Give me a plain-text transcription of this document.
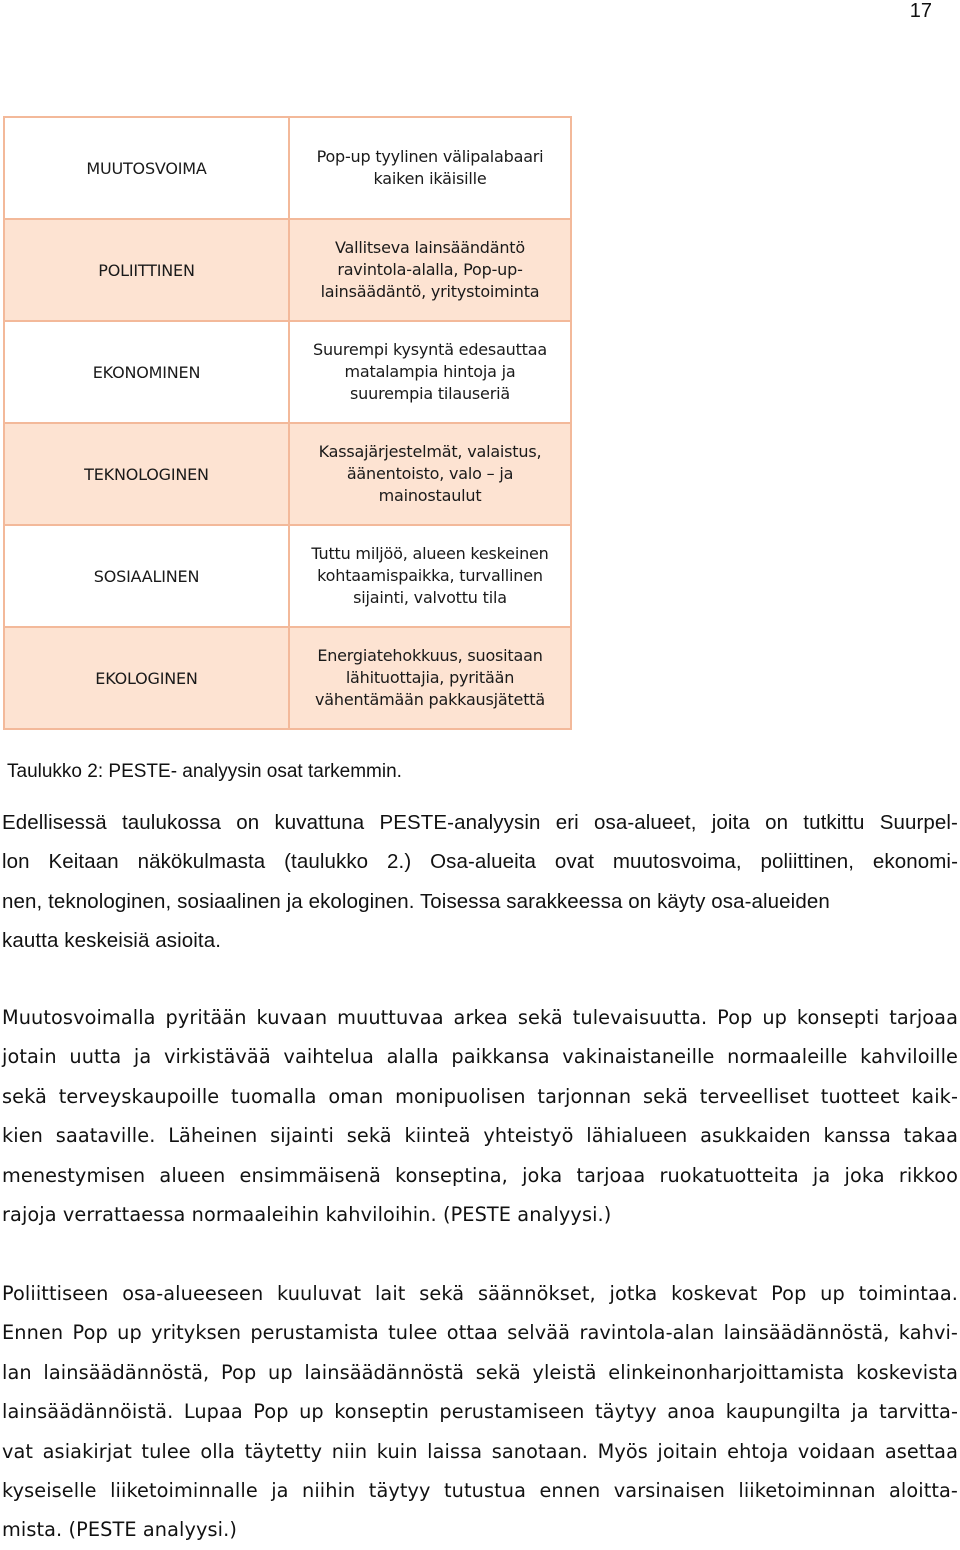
17
MUUTOSVOIMA	Pop-up tyylinen välipalabaari
kaiken ikäisille
POLIITTINEN	Vallitseva lainsäändäntö
ravintola-alalla, Pop-up-
lainsäädäntö, yritystoiminta
EKONOMINEN	Suurempi kysyntä edesauttaa
matalampia hintoja ja
suurempia tilauseriä
TEKNOLOGINEN	Kassajärjestelmät, valaistus,
äänentoisto, valo – ja
mainostaulut
SOSIAALINEN	Tuttu miljöö, alueen keskeinen
kohtaamispaikka, turvallinen
sijainti, valvottu tila
EKOLOGINEN	Energiatehokkuus, suositaan
lähituottajia, pyritään
vähentämään pakkausjätettä
Taulukko 2: PESTE- analyysin osat tarkemmin.
Edellisessä taulukossa on kuvattuna PESTE-analyysin eri osa-alueet, joita on tutkittu Suurpel-
lon Keitaan näkökulmasta (taulukko 2.) Osa-alueita ovat muutosvoima, poliittinen, ekonomi-
nen, teknologinen, sosiaalinen ja ekologinen. Toisessa sarakkeessa on käyty osa-alueiden
kautta keskeisiä asioita.
Muutosvoimalla pyritään kuvaan muuttuvaa arkea sekä tulevaisuutta. Pop up konsepti tarjoaa
jotain uutta ja virkistävää vaihtelua alalla paikkansa vakinaistaneille normaaleille kahviloille
sekä terveyskaupoille tuomalla oman monipuolisen tarjonnan sekä terveelliset tuotteet kaik-
kien saataville. Läheinen sijainti sekä kiinteä yhteistyö lähialueen asukkaiden kanssa takaa
menestymisen alueen ensimmäisenä konseptina, joka tarjoaa ruokatuotteita ja joka rikkoo
rajoja verrattaessa normaaleihin kahviloihin. (PESTE analyysi.)
Poliittiseen osa-alueeseen kuuluvat lait sekä säännökset, jotka koskevat Pop up toimintaa.
Ennen Pop up yrityksen perustamista tulee ottaa selvää ravintola-alan lainsäädännöstä, kahvi-
lan lainsäädännöstä, Pop up lainsäädännöstä sekä yleistä elinkeinonharjoittamista koskevista
lainsäädännöistä. Lupaa Pop up konseptin perustamiseen täytyy anoa kaupungilta ja tarvitta-
vat asiakirjat tulee olla täytetty niin kuin laissa sanotaan. Myös joitain ehtoja voidaan asettaa
kyseiselle liiketoiminnalle ja niihin täytyy tutustua ennen varsinaisen liiketoiminnan aloitta-
mista. (PESTE analyysi.)
